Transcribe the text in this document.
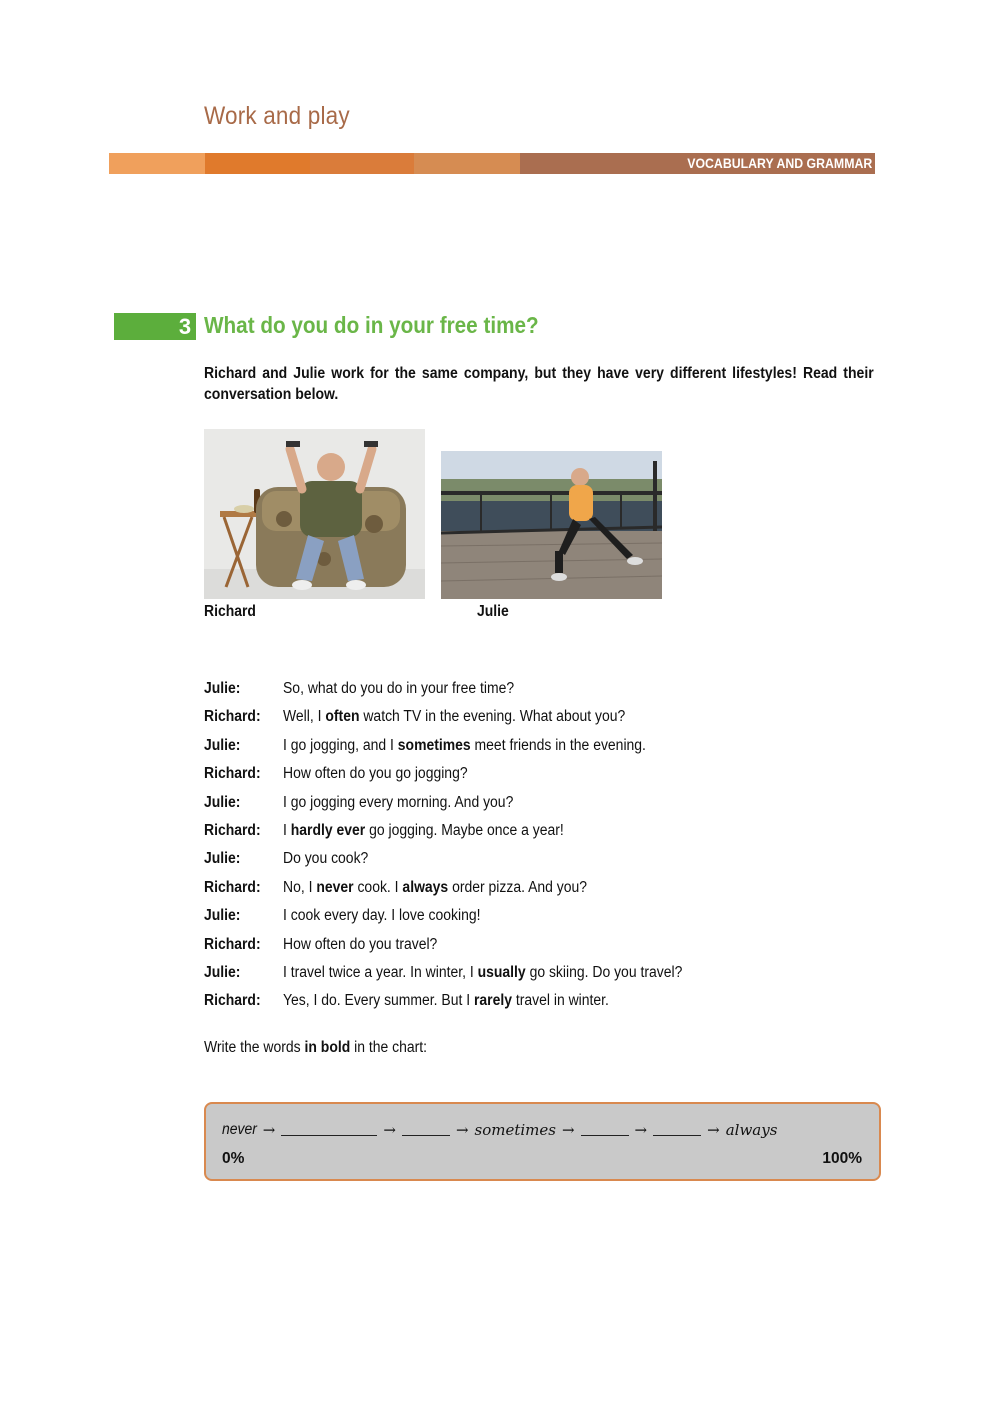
Work and play
VOCABULARY AND GRAMMAR
3 What do you do in your free time?
Richard and Julie work for the same company, but they have very different lifestyles! Read their conversation below.
Richard	Julie
Julie:	So, what do you do in your free time?
Richard: Well, I often watch TV in the evening. What about you?
Julie:	I go jogging, and I sometimes meet friends in the evening.
Richard: How often do you go jogging?
Julie:	I go jogging every morning. And you?
Richard: I hardly ever go jogging. Maybe once a year!
Julie:	Do you cook?
Richard: No, I never cook. I always order pizza. And you?
Julie:	I cook every day. I love cooking!
Richard: How often do you travel?
Julie:	I travel twice a year. In winter, I usually go skiing. Do you travel?
Richard: Yes, I do. Every summer. But I rarely travel in winter.
Write the words in bold in the chart:
never →	→	→ sometimes →	→	→ always
0%	100%
